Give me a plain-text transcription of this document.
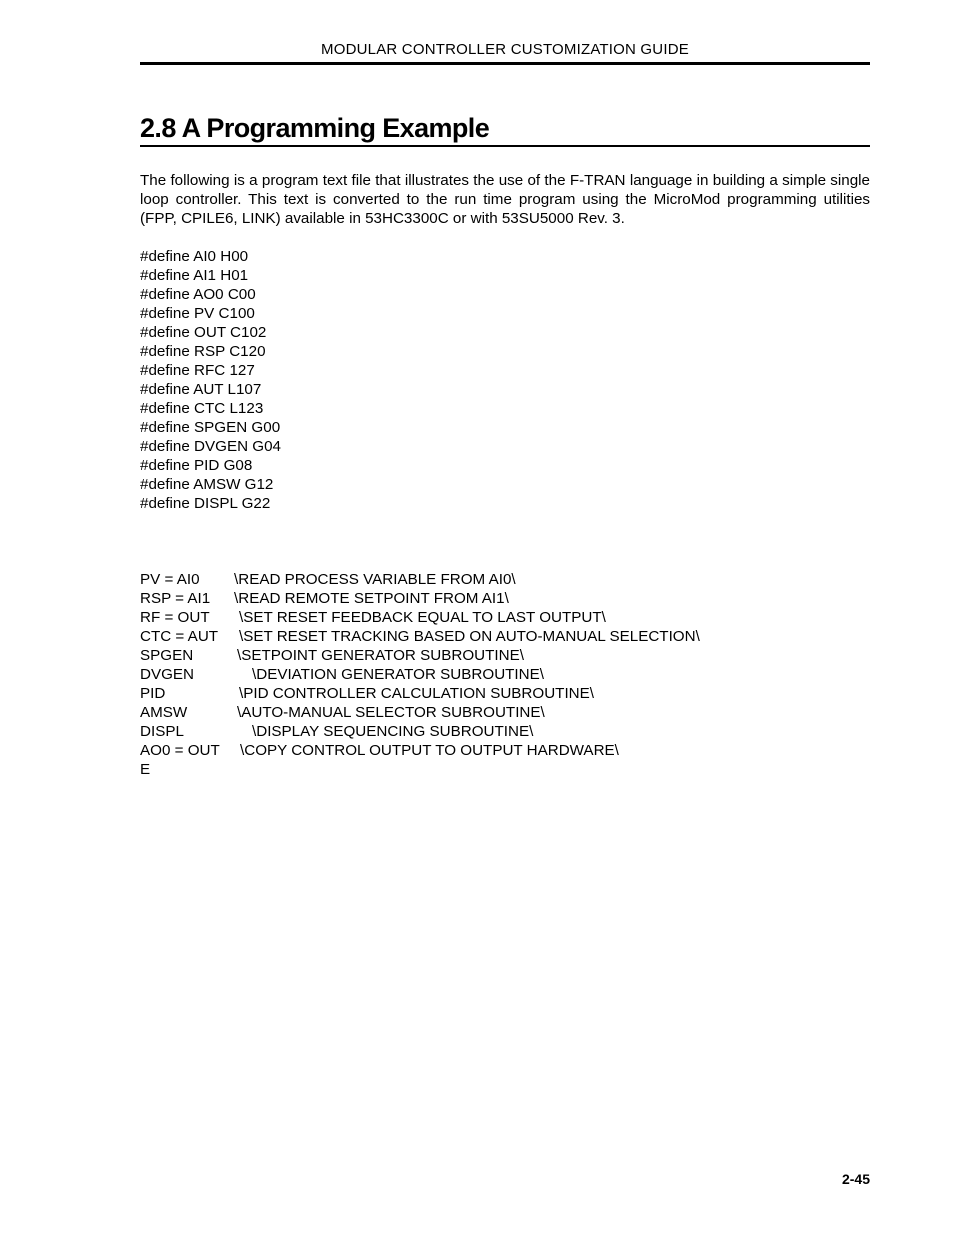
MODULAR CONTROLLER CUSTOMIZATION GUIDE
2.8 A Programming Example

The following is a program text file that illustrates the use of the F-TRAN language in building a simple single loop controller. This text is converted to the run time program using the MicroMod programming utilities (FPP, CPILE6, LINK) available in 53HC3300C or with 53SU5000 Rev. 3.

#define AI0 H00
#define AI1 H01
#define AO0 C00
#define PV C100
#define OUT C102
#define RSP C120
#define RFC 127
#define AUT L107
#define CTC L123
#define SPGEN G00
#define DVGEN G04
#define PID G08
#define AMSW G12
#define DISPL G22
PV = AI0 \READ PROCESS VARIABLE FROM AI0\
RSP = AI1 \READ REMOTE SETPOINT FROM AI1\
RF = OUT \SET RESET FEEDBACK EQUAL TO LAST OUTPUT\
CTC = AUT \SET RESET TRACKING BASED ON AUTO-MANUAL SELECTION\
SPGEN	\SETPOINT GENERATOR SUBROUTINE\
DVGEN	\DEVIATION GENERATOR SUBROUTINE\
PID	\PID CONTROLLER CALCULATION SUBROUTINE\
AMSW	\AUTO-MANUAL SELECTOR SUBROUTINE\
DISPL	\DISPLAY SEQUENCING SUBROUTINE\
AO0 = OUT \COPY CONTROL OUTPUT TO OUTPUT HARDWARE\
E
2-45
